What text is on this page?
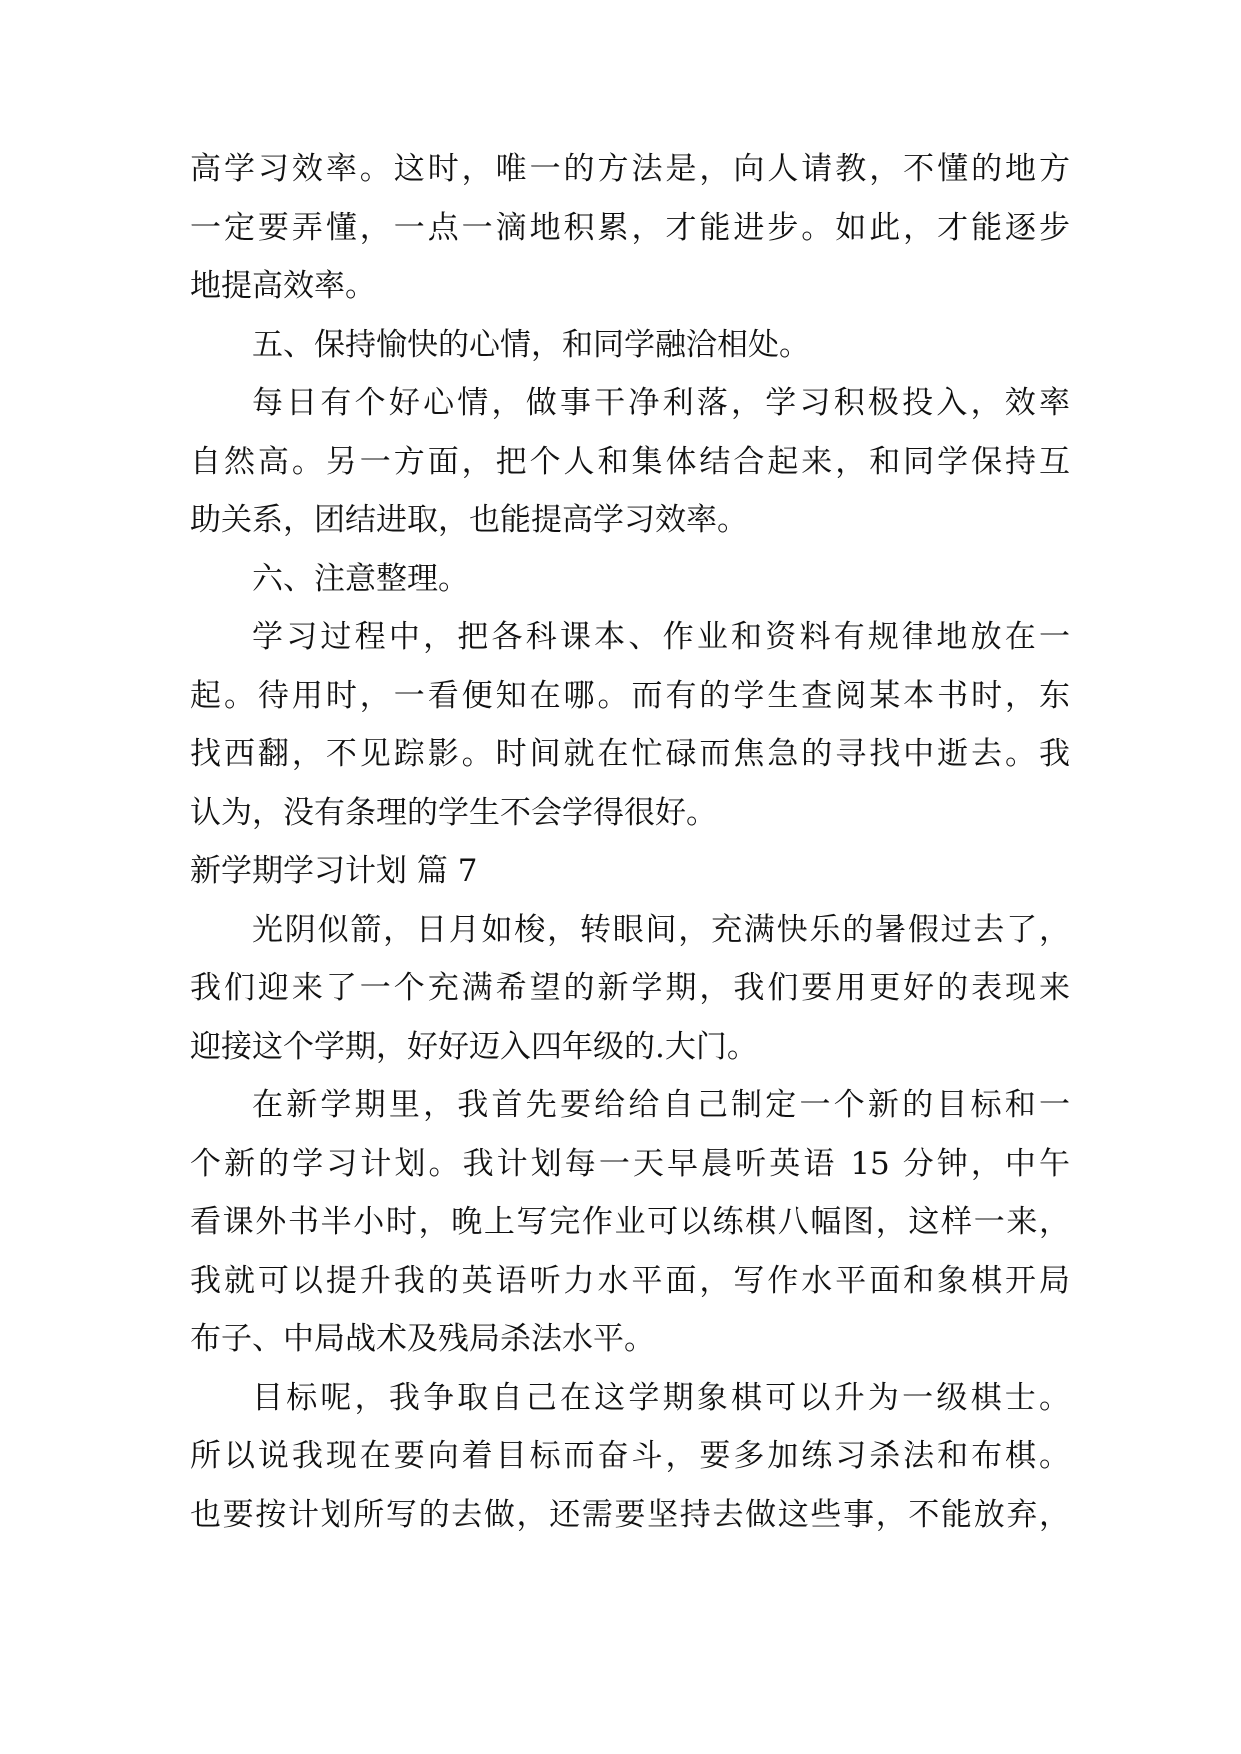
高学习效率。这时，唯一的方法是，向人请教，不懂的地方
一定要弄懂，一点一滴地积累，才能进步。如此，才能逐步
地提高效率。
五、保持愉快的心情，和同学融洽相处。
每日有个好心情，做事干净利落，学习积极投入，效率
自然高。另一方面，把个人和集体结合起来，和同学保持互
助关系，团结进取，也能提高学习效率。
六、注意整理。
学习过程中，把各科课本、作业和资料有规律地放在一
起。待用时，一看便知在哪。而有的学生查阅某本书时，东
找西翻，不见踪影。时间就在忙碌而焦急的寻找中逝去。我
认为，没有条理的学生不会学得很好。
新学期学习计划 篇 7
光阴似箭，日月如梭，转眼间，充满快乐的暑假过去了，
我们迎来了一个充满希望的新学期，我们要用更好的表现来
迎接这个学期，好好迈入四年级的.大门。
在新学期里，我首先要给给自己制定一个新的目标和一
个新的学习计划。我计划每一天早晨听英语 15 分钟，中午
看课外书半小时，晚上写完作业可以练棋八幅图，这样一来，
我就可以提升我的英语听力水平面，写作水平面和象棋开局
布子、中局战术及残局杀法水平。
目标呢，我争取自己在这学期象棋可以升为一级棋士。
所以说我现在要向着目标而奋斗，要多加练习杀法和布棋。
也要按计划所写的去做，还需要坚持去做这些事，不能放弃，
